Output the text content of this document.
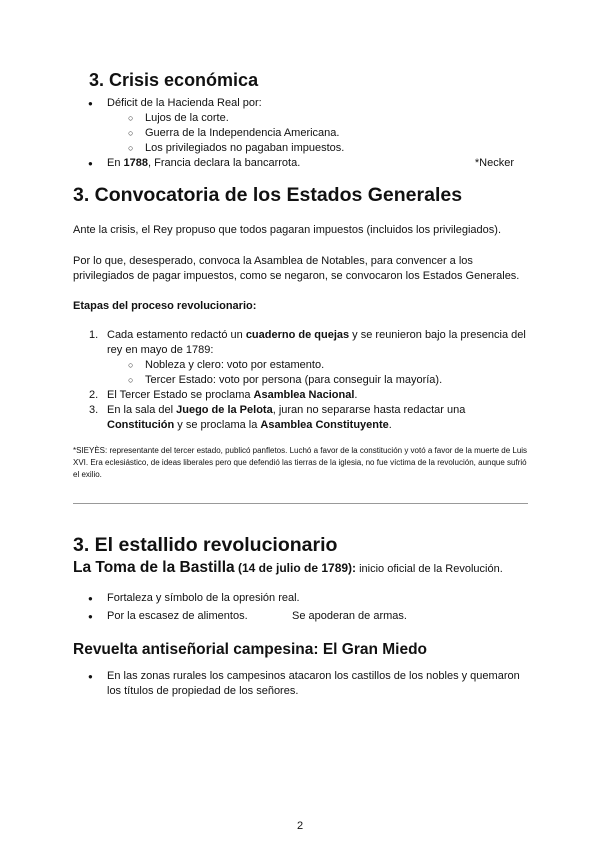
3. Crisis económica
● Déficit de la Hacienda Real por:
○ Lujos de la corte.
○ Guerra de la Independencia Americana.
○ Los privilegiados no pagaban impuestos.
● En 1788, Francia declara la bancarrota.	*Necker
3. Convocatoria de los Estados Generales

Ante la crisis, el Rey propuso que todos pagaran impuestos (incluidos los privilegiados).

Por lo que, desesperado, convoca la Asamblea de Notables, para convencer a los privilegiados de pagar impuestos, como se negaron, se convocaron los Estados Generales.

Etapas del proceso revolucionario:

1. Cada estamento redactó un cuaderno de quejas y se reunieron bajo la presencia del rey en mayo de 1789:
○ Nobleza y clero: voto por estamento.
○ Tercer Estado: voto por persona (para conseguir la mayoría).
2. El Tercer Estado se proclama Asamblea Nacional.
3. En la sala del Juego de la Pelota, juran no separarse hasta redactar una Constitución y se proclama la Asamblea Constituyente.

*SIEYÈS: representante del tercer estado, publicó panfletos. Luchó a favor de la constitución y votó a favor de la muerte de Luis XVI. Era eclesiástico, de ideas liberales pero que defendió las tierras de la iglesia, no fue víctima de la revolución, aunque sufrió el exilio.

3. El estallido revolucionario

La Toma de la Bastilla (14 de julio de 1789): inicio oficial de la Revolución.

● Fortaleza y símbolo de la opresión real.
● Por la escasez de alimentos.	Se apoderan de armas.
Revuelta antiseñorial campesina: El Gran Miedo
● En las zonas rurales los campesinos atacaron los castillos de los nobles y quemaron los títulos de propiedad de los señores.
2
